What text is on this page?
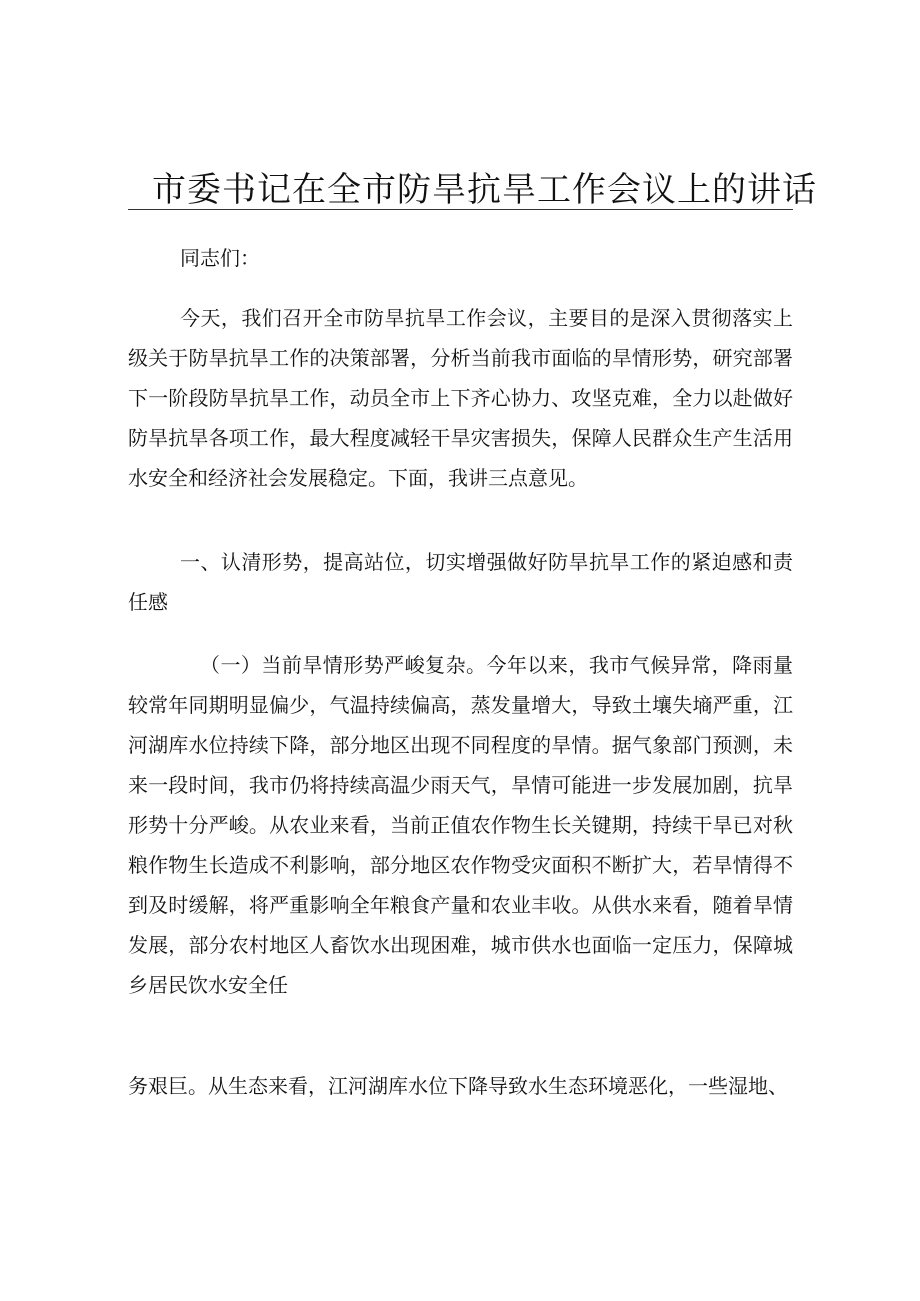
市委书记在全市防旱抗旱工作会议上的讲话

同志们：

今天，我们召开全市防旱抗旱工作会议，主要目的是深入贯彻落实上级关于防旱抗旱工作的决策部署，分析当前我市面临的旱情形势，研究部署下一阶段防旱抗旱工作，动员全市上下齐心协力、攻坚克难，全力以赴做好防旱抗旱各项工作，最大程度减轻干旱灾害损失，保障人民群众生产生活用水安全和经济社会发展稳定。下面，我讲三点意见。

一、认清形势，提高站位，切实增强做好防旱抗旱工作的紧迫感和责任感

（一）当前旱情形势严峻复杂。今年以来，我市气候异常，降雨量较常年同期明显偏少，气温持续偏高，蒸发量增大，导致土壤失墒严重，江河湖库水位持续下降，部分地区出现不同程度的旱情。据气象部门预测，未来一段时间，我市仍将持续高温少雨天气，旱情可能进一步发展加剧，抗旱形势十分严峻。从农业来看，当前正值农作物生长关键期，持续干旱已对秋粮作物生长造成不利影响，部分地区农作物受灾面积不断扩大，若旱情得不到及时缓解，将严重影响全年粮食产量和农业丰收。从供水来看，随着旱情发展，部分农村地区人畜饮水出现困难，城市供水也面临一定压力，保障城乡居民饮水安全任

务艰巨。从生态来看，江河湖库水位下降导致水生态环境恶化，一些湿地、
